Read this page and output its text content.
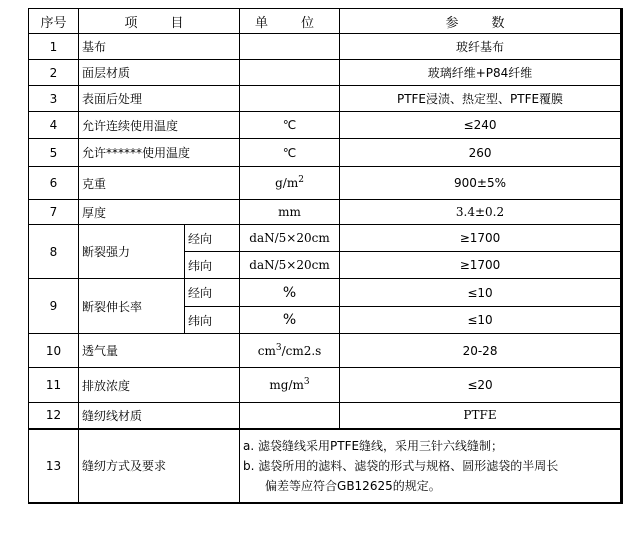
序号	项　目		单　位	参　数
1	基布			玻纤基布
2	面层材质			玻璃纤维+P84纤维
3	表面后处理			PTFE浸渍、热定型、PTFE覆膜
4	允许连续使用温度		℃	≤240
5	允许******使用温度		℃	260
6	克重		$g/m^2$	900±5%
7	厚度		mm	3.4±0.2
8	断裂强力	经向	daN/5×20cm	≥1700
		纬向	daN/5×20cm	≥1700
9	断裂伸长率	经向	%	≤10
		纬向	%	≤10
10	透气量		$cm^3/cm2.s$	20-28
11	排放浓度		$mg/m^3$	≤20
12	缝纫线材质			PTFE
13	缝纫方式及要求		a. 滤袋缝线采用PTFE缝线，采用三针六线缝制；
b. 滤袋所用的滤料、滤袋的形式与规格、圆形滤袋的半周长
偏差等应符合GB12625的规定。	
